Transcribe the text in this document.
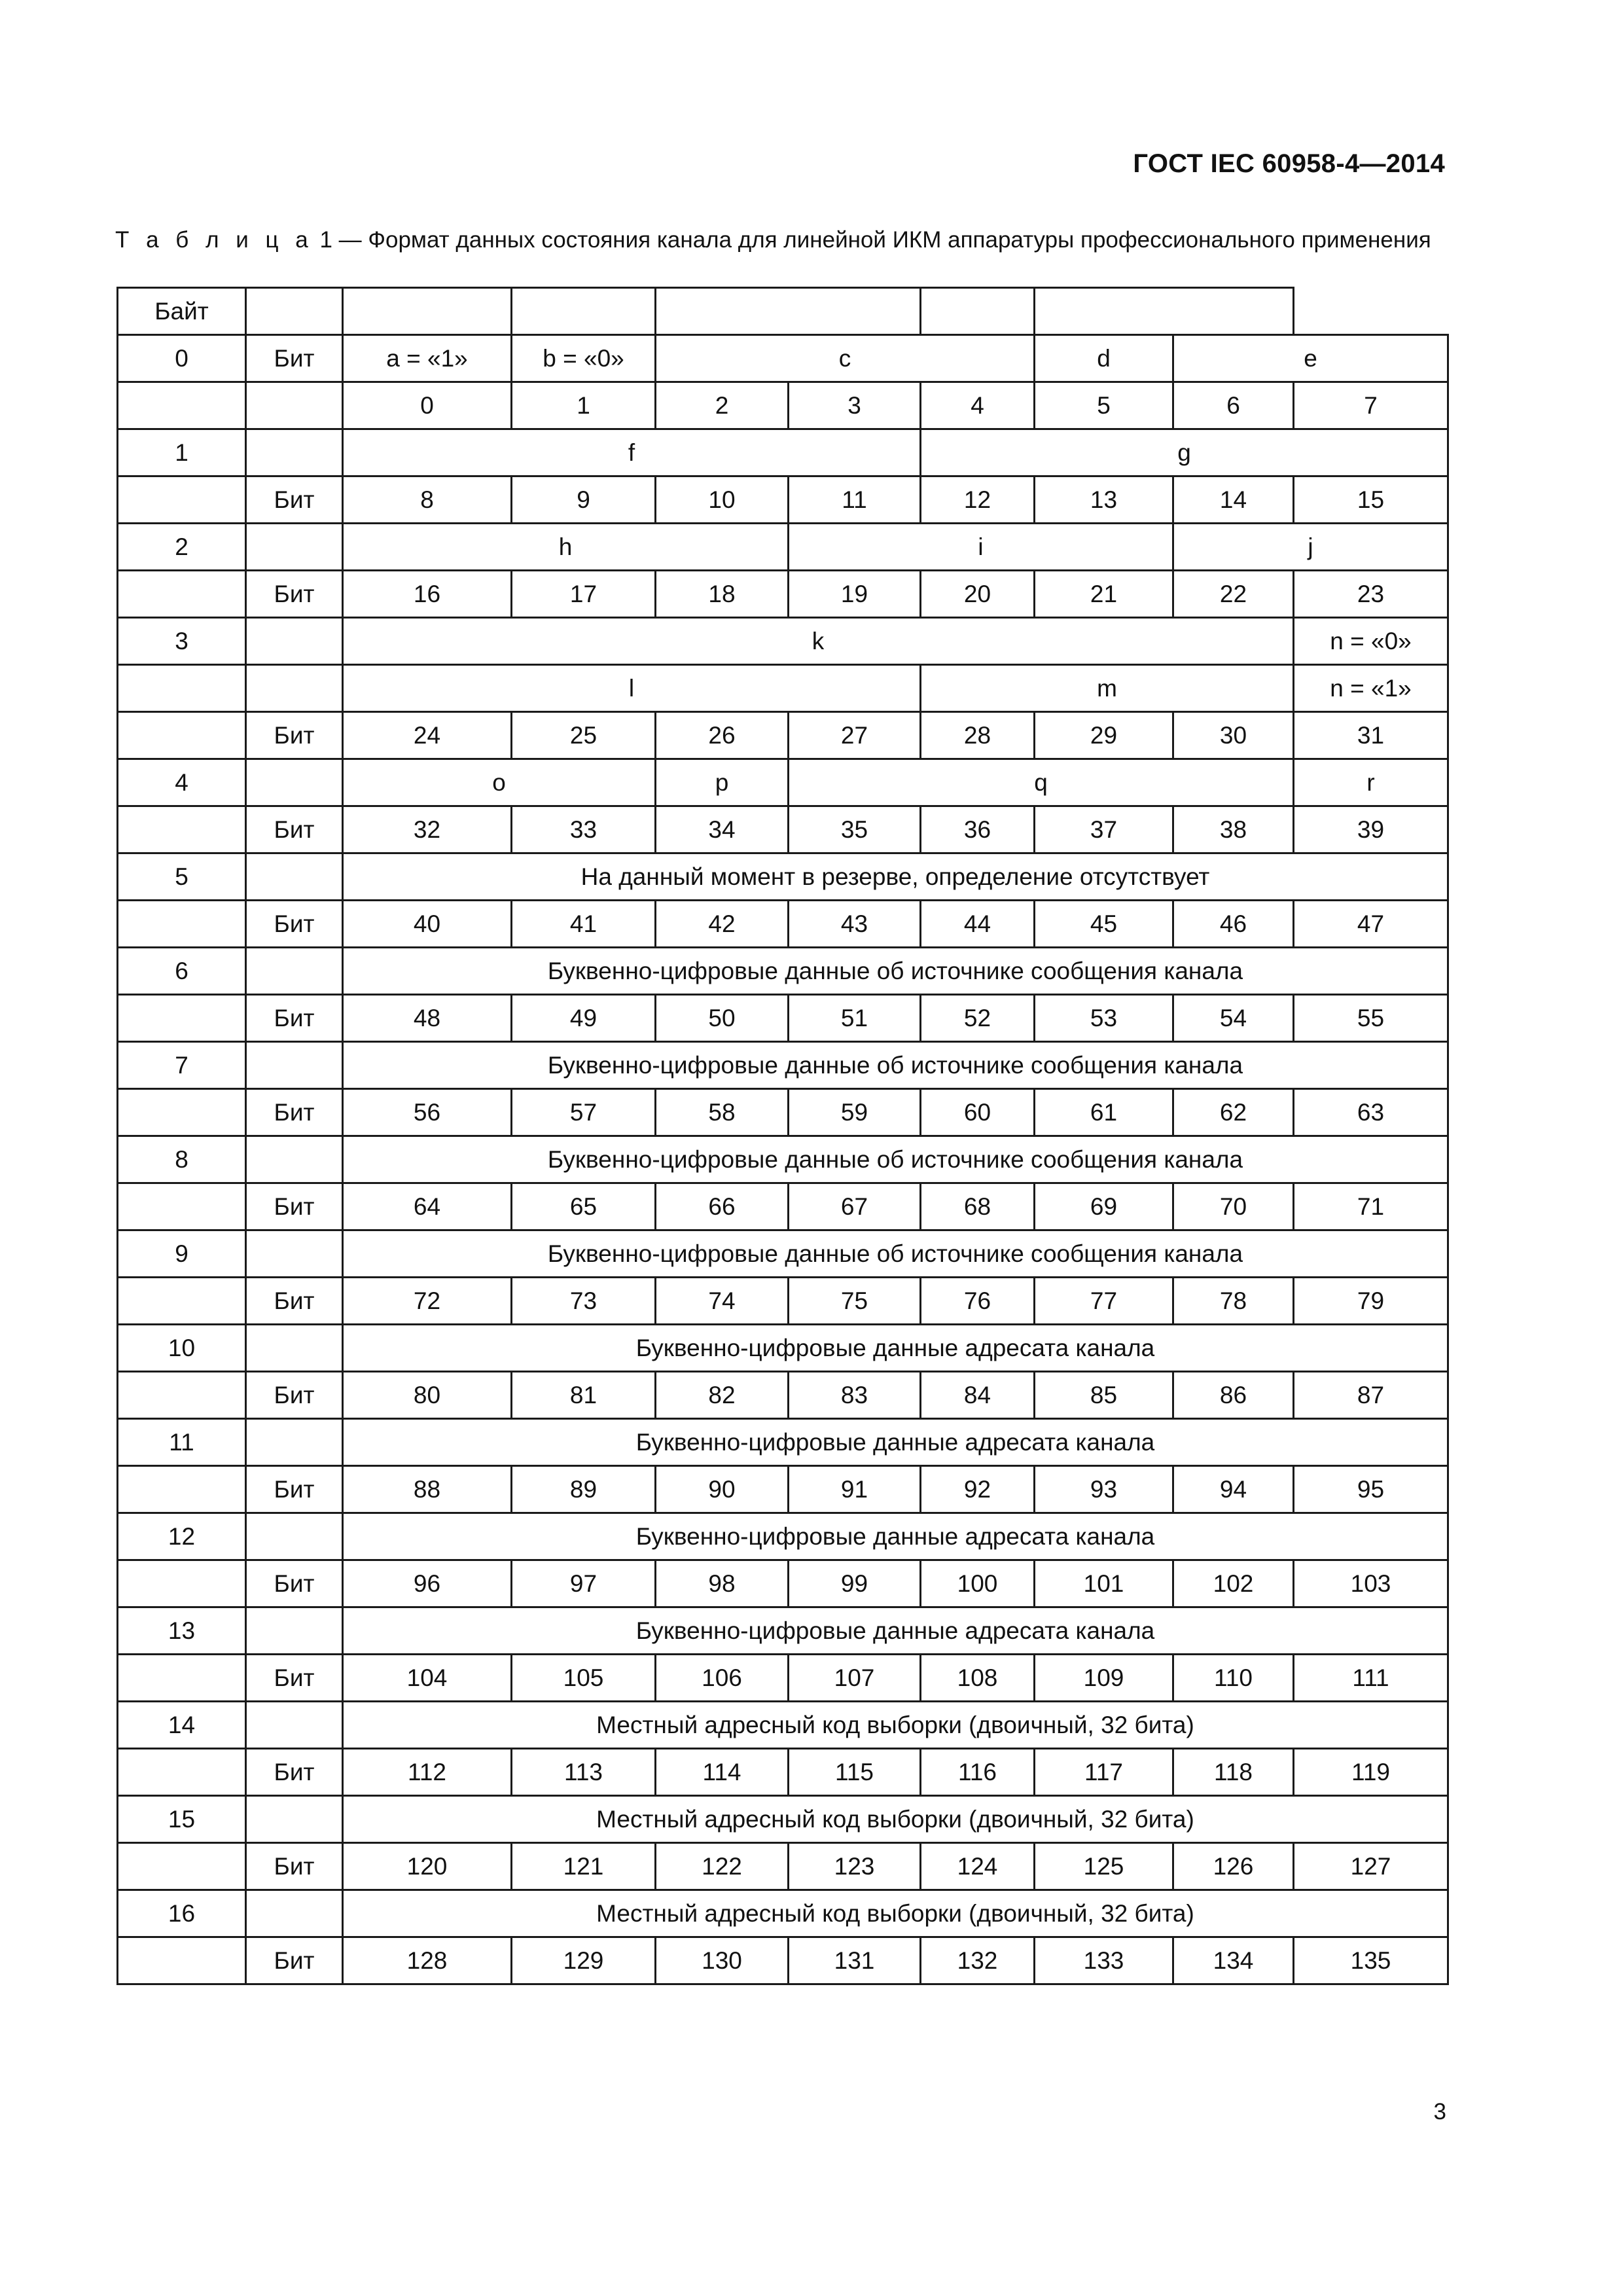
ГОСТ IEC 60958-4—2014
Т а б л и ц а 1 — Формат данных состояния канала для линейной ИКМ аппаратуры профессионального применения
Байт									
0	Бит	a = «1»	b = «0»	c			d	e	
		0	1	2	3	4	5	6	7
1		f				g			
	Бит	8	9	10	11	12	13	14	15
2		h			i			j	
	Бит	16	17	18	19	20	21	22	23
3		k							n = «0»
		l				m			n = «1»
	Бит	24	25	26	27	28	29	30	31
4		o		p	q				r
	Бит	32	33	34	35	36	37	38	39
5		На данный момент в резерве, определение отсутствует							
	Бит	40	41	42	43	44	45	46	47
6		Буквенно-цифровые данные об источнике сообщения канала							
	Бит	48	49	50	51	52	53	54	55
7		Буквенно-цифровые данные об источнике сообщения канала							
	Бит	56	57	58	59	60	61	62	63
8		Буквенно-цифровые данные об источнике сообщения канала							
	Бит	64	65	66	67	68	69	70	71
9		Буквенно-цифровые данные об источнике сообщения канала							
	Бит	72	73	74	75	76	77	78	79
10		Буквенно-цифровые данные адресата канала							
	Бит	80	81	82	83	84	85	86	87
11		Буквенно-цифровые данные адресата канала							
	Бит	88	89	90	91	92	93	94	95
12		Буквенно-цифровые данные адресата канала							
	Бит	96	97	98	99	100	101	102	103
13		Буквенно-цифровые данные адресата канала							
	Бит	104	105	106	107	108	109	110	111
14		Местный адресный код выборки (двоичный, 32 бита)							
	Бит	112	113	114	115	116	117	118	119
15		Местный адресный код выборки (двоичный, 32 бита)							
	Бит	120	121	122	123	124	125	126	127
16		Местный адресный код выборки (двоичный, 32 бита)							
	Бит	128	129	130	131	132	133	134	135
3
